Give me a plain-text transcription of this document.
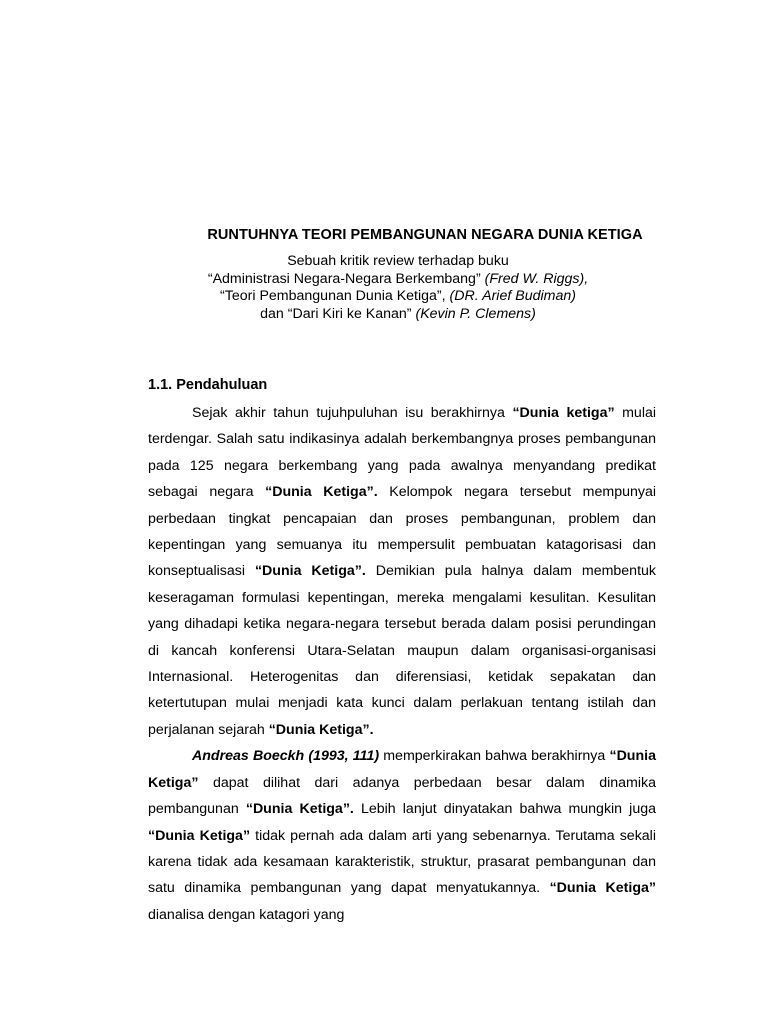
RUNTUHNYA TEORI PEMBANGUNAN NEGARA DUNIA KETIGA
Sebuah kritik review terhadap buku
“Administrasi Negara-Negara Berkembang” (Fred W. Riggs),
“Teori Pembangunan Dunia Ketiga”, (DR. Arief Budiman)
dan “Dari Kiri ke Kanan” (Kevin P. Clemens)
1.1. Pendahuluan

Sejak akhir tahun tujuhpuluhan isu berakhirnya “Dunia ketiga” mulai terdengar. Salah satu indikasinya adalah berkembangnya proses pembangunan pada 125 negara berkembang yang pada awalnya menyandang predikat sebagai negara “Dunia Ketiga”. Kelompok negara tersebut mempunyai perbedaan tingkat pencapaian dan proses pembangunan, problem dan kepentingan yang semuanya itu mempersulit pembuatan katagorisasi dan konseptualisasi “Dunia Ketiga”. Demikian pula halnya dalam membentuk keseragaman formulasi kepentingan, mereka mengalami kesulitan. Kesulitan yang dihadapi ketika negara-negara tersebut berada dalam posisi perundingan di kancah konferensi Utara-Selatan maupun dalam organisasi-organisasi Internasional. Heterogenitas dan diferensiasi, ketidak sepakatan dan ketertutupan mulai menjadi kata kunci dalam perlakuan tentang istilah dan perjalanan sejarah “Dunia Ketiga”.

Andreas Boeckh (1993, 111) memperkirakan bahwa berakhirnya “Dunia Ketiga” dapat dilihat dari adanya perbedaan besar dalam dinamika pembangunan “Dunia Ketiga”. Lebih lanjut dinyatakan bahwa mungkin juga “Dunia Ketiga” tidak pernah ada dalam arti yang sebenarnya. Terutama sekali karena tidak ada kesamaan karakteristik, struktur, prasarat pembangunan dan satu dinamika pembangunan yang dapat menyatukannya. “Dunia Ketiga” dianalisa dengan katagori yang
